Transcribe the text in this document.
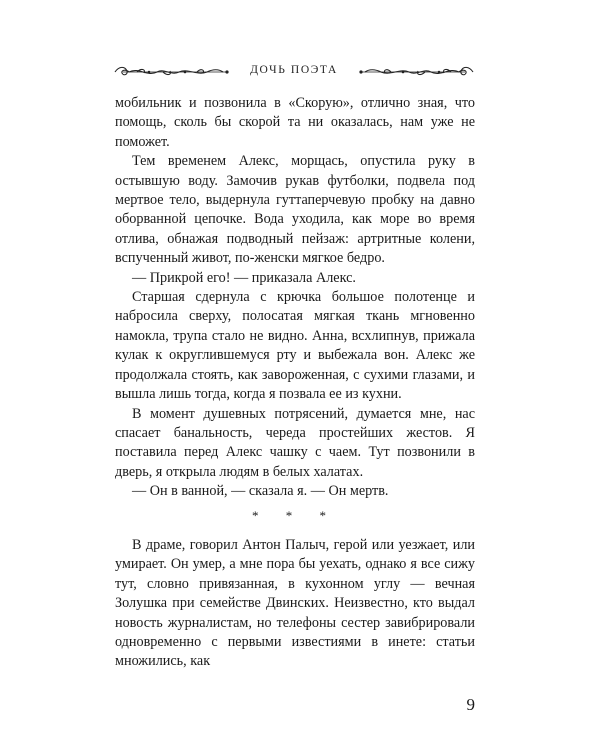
ДОЧЬ ПОЭТА

мобильник и позвонила в «Скорую», отлично зная, что помощь, сколь бы скорой та ни оказалась, нам уже не поможет.

Тем временем Алекс, морщась, опустила руку в остывшую воду. Замочив рукав футболки, подвела под мертвое тело, выдернула гуттаперчевую пробку на давно оборванной цепочке. Вода уходила, как море во время отлива, обнажая подводный пейзаж: артритные колени, вспученный живот, по-женски мягкое бедро.

— Прикрой его! — приказала Алекс.

Старшая сдернула с крючка большое полотенце и набросила сверху, полосатая мягкая ткань мгновенно намокла, трупа стало не видно. Анна, всхлипнув, прижала кулак к округлившемуся рту и выбежала вон. Алекс же продолжала стоять, как завороженная, с сухими глазами, и вышла лишь тогда, когда я позвала ее из кухни.

В момент душевных потрясений, думается мне, нас спасает банальность, череда простейших жестов. Я поставила перед Алекс чашку с чаем. Тут позвонили в дверь, я открыла людям в белых халатах.

— Он в ванной, — сказала я. — Он мертв.

* * *

В драме, говорил Антон Палыч, герой или уезжает, или умирает. Он умер, а мне пора бы уехать, однако я все сижу тут, словно привязанная, в кухонном углу — вечная Золушка при семействе Двинских. Неизвестно, кто выдал новость журналистам, но телефоны сестер завибрировали одновременно с первыми известиями в инете: статьи множились, как

9
